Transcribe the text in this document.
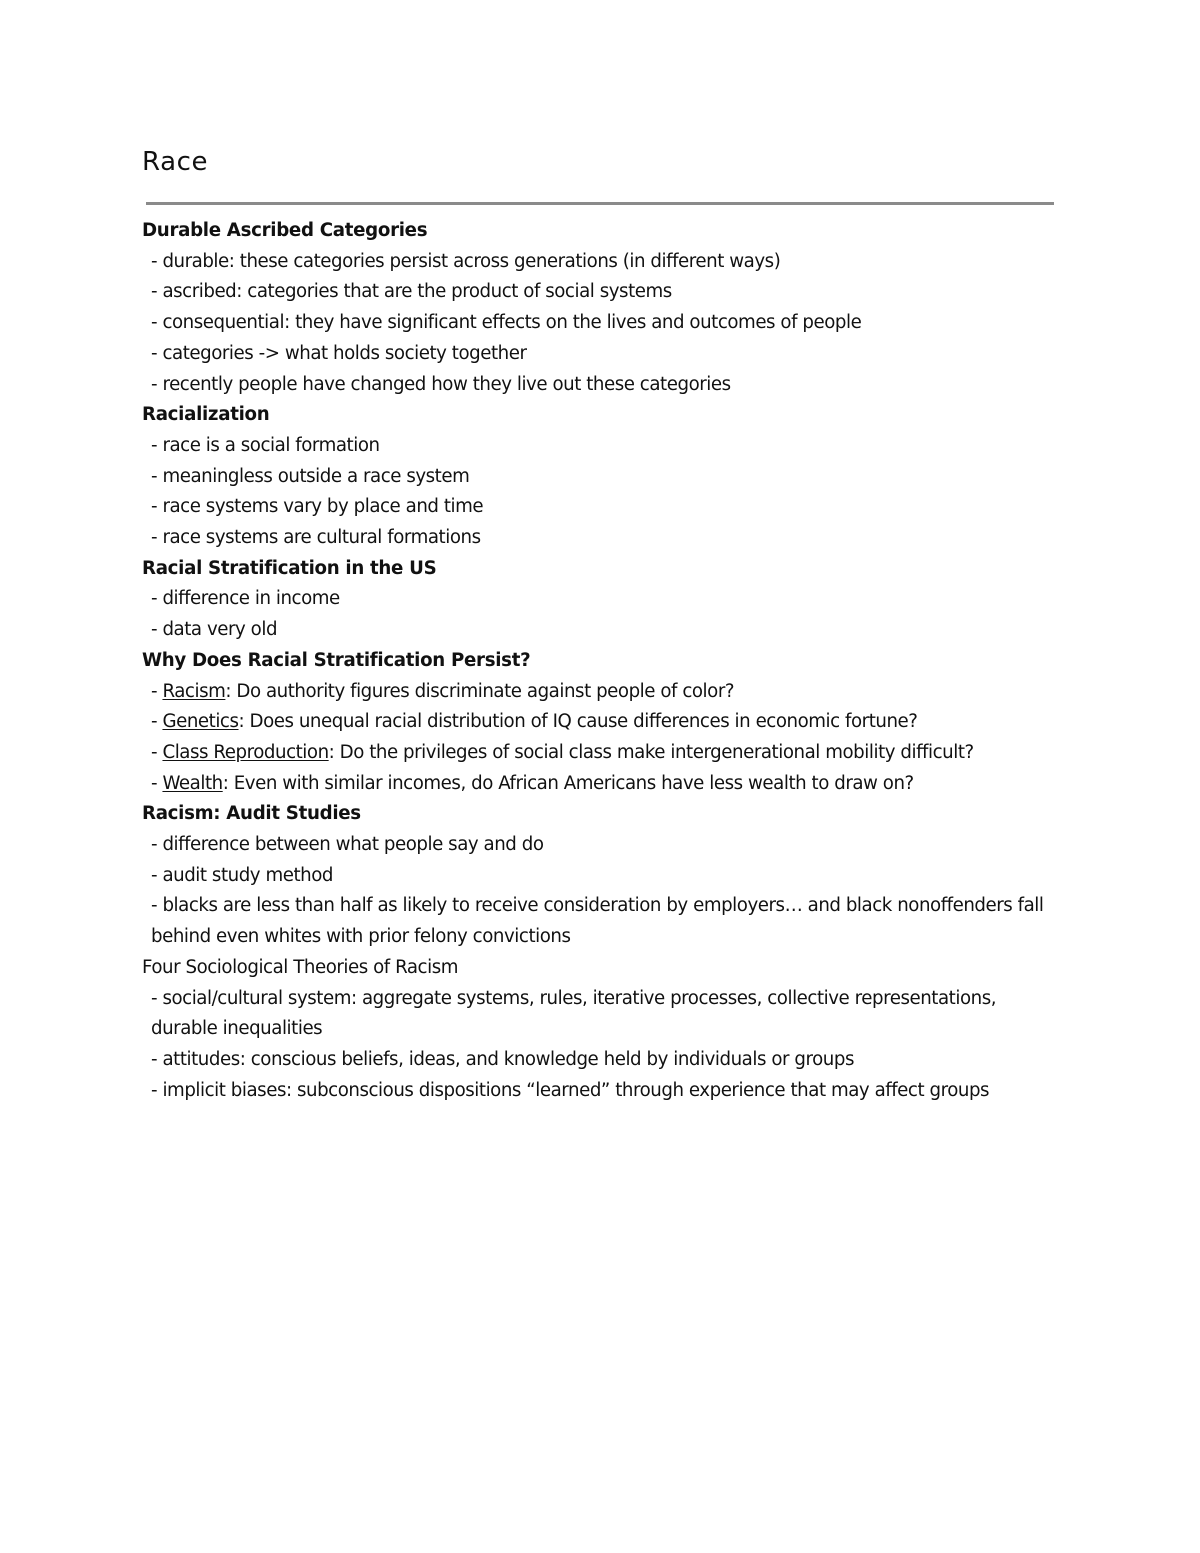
Race
Durable Ascribed Categories
- durable: these categories persist across generations (in different ways)
- ascribed: categories that are the product of social systems
- consequential: they have significant effects on the lives and outcomes of people
- categories -> what holds society together
- recently people have changed how they live out these categories
Racialization
- race is a social formation
- meaningless outside a race system
- race systems vary by place and time
- race systems are cultural formations
Racial Stratification in the US
- difference in income
- data very old
Why Does Racial Stratification Persist?
- Racism: Do authority figures discriminate against people of color?
- Genetics: Does unequal racial distribution of IQ cause differences in economic fortune?
- Class Reproduction: Do the privileges of social class make intergenerational mobility difficult?
- Wealth: Even with similar incomes, do African Americans have less wealth to draw on?
Racism: Audit Studies
- difference between what people say and do
- audit study method
- blacks are less than half as likely to receive consideration by employers… and black nonoffenders fall behind even whites with prior felony convictions
Four Sociological Theories of Racism
- social/cultural system: aggregate systems, rules, iterative processes, collective representations, durable inequalities
- attitudes: conscious beliefs, ideas, and knowledge held by individuals or groups
- implicit biases: subconscious dispositions “learned” through experience that may affect groups
